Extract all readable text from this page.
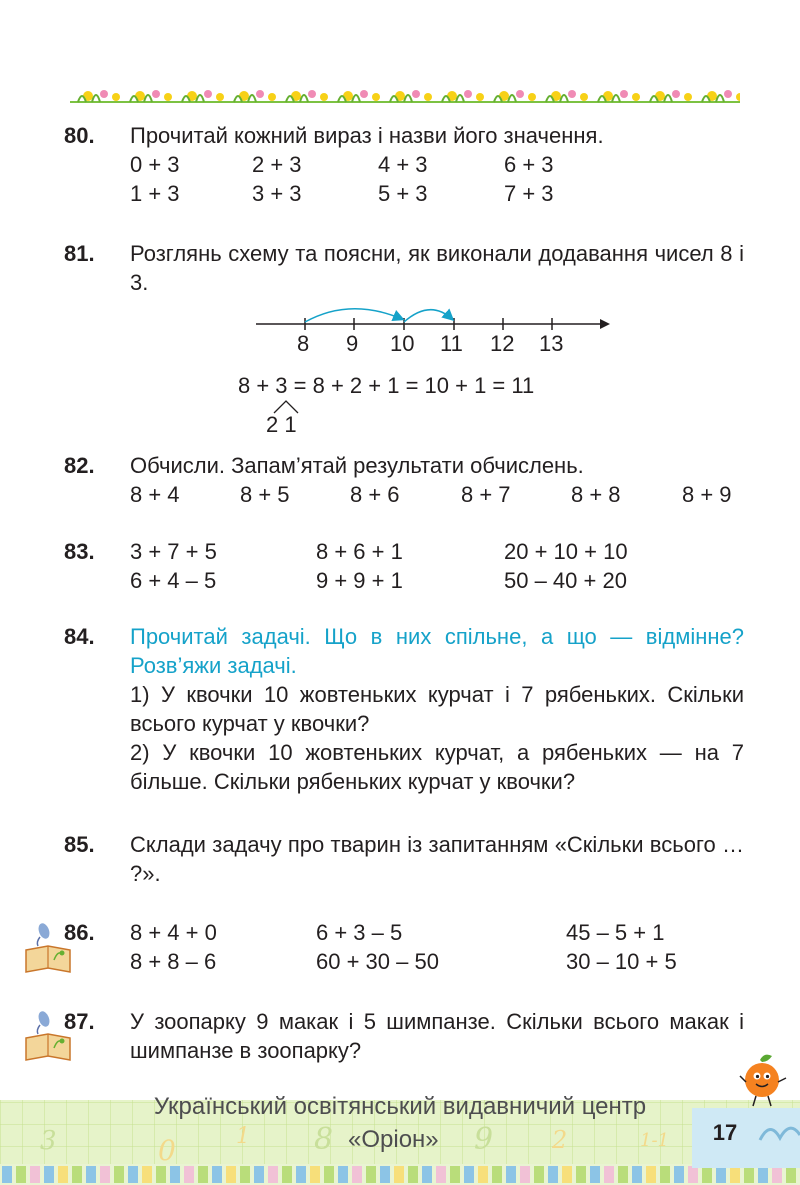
80. Прочитай кожний вираз і назви його значення.
0 + 3	2 + 3	4 + 3	6 + 3
1 + 3	3 + 3	5 + 3	7 + 3
81. Розглянь схему та поясни, як виконали додавання чисел 8 і 3.
8 9 10 11 12 13
8 + 3 = 8 + 2 + 1 = 10 + 1 = 11
2 1
82. Обчисли. Запам’ятай результати обчислень.
8 + 4	8 + 5	8 + 6	8 + 7	8 + 8	8 + 9
83. 3 + 7 + 5	8 + 6 + 1	20 + 10 + 10
6 + 4 – 5	9 + 9 + 1	50 – 40 + 20
84. Прочитай задачі. Що в них спільне, а що — відмінне? Розв’яжи задачі.
1) У квочки 10 жовтеньких курчат і 7 рябеньких. Скільки всього курчат у квочки?
2) У квочки 10 жовтеньких курчат, а рябеньких — на 7 більше. Скільки рябеньких курчат у квочки?
85. Склади задачу про тварин із запитанням «Скільки всього … ?».
86. 8 + 4 + 0	6 + 3 – 5	45 – 5 + 1
8 + 8 – 6	60 + 30 – 50	30 – 10 + 5
87. У зоопарку 9 макак і 5 шимпанзе. Скільки всього макак і шимпанзе в зоопарку?
3	0	1 8	9 2	1-1
Український освітянський видавничий центр
«Оріон»	17
